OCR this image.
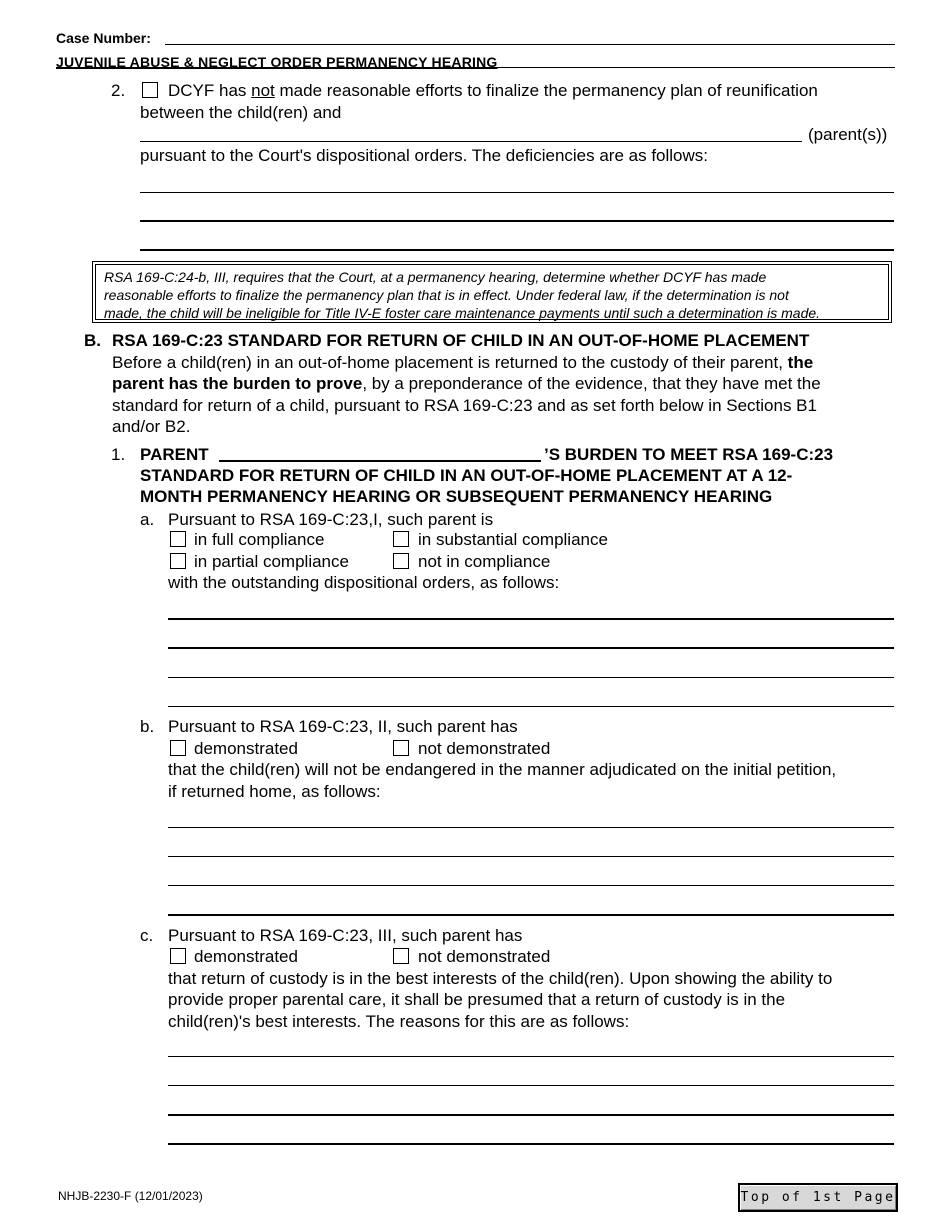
Case Number:
JUVENILE ABUSE & NEGLECT ORDER PERMANENCY HEARING
2.	DCYF has not made reasonable efforts to finalize the permanency plan of reunification
between the child(ren) and
(parent(s))
pursuant to the Court's dispositional orders. The deficiencies are as follows:
RSA 169-C:24-b, III, requires that the Court, at a permanency hearing, determine whether DCYF has made
reasonable efforts to finalize the permanency plan that is in effect. Under federal law, if the determination is not
made, the child will be ineligible for Title IV-E foster care maintenance payments until such a determination is made.
B. RSA 169-C:23 STANDARD FOR RETURN OF CHILD IN AN OUT-OF-HOME PLACEMENT
Before a child(ren) in an out-of-home placement is returned to the custody of their parent, the
parent has the burden to prove, by a preponderance of the evidence, that they have met the
standard for return of a child, pursuant to RSA 169-C:23 and as set forth below in Sections B1
and/or B2.
1. PARENT	’S BURDEN TO MEET RSA 169-C:23
STANDARD FOR RETURN OF CHILD IN AN OUT-OF-HOME PLACEMENT AT A 12-
MONTH PERMANENCY HEARING OR SUBSEQUENT PERMANENCY HEARING
a. Pursuant to RSA 169-C:23,I, such parent is
in full compliance	in substantial compliance
in partial compliance	not in compliance
with the outstanding dispositional orders, as follows:
b. Pursuant to RSA 169-C:23, II, such parent has
demonstrated	not demonstrated
that the child(ren) will not be endangered in the manner adjudicated on the initial petition,
if returned home, as follows:
c. Pursuant to RSA 169-C:23, III, such parent has
demonstrated	not demonstrated
that return of custody is in the best interests of the child(ren). Upon showing the ability to
provide proper parental care, it shall be presumed that a return of custody is in the
child(ren)'s best interests. The reasons for this are as follows:
NHJB-2230-F (12/01/2023)	Top of 1st Page
